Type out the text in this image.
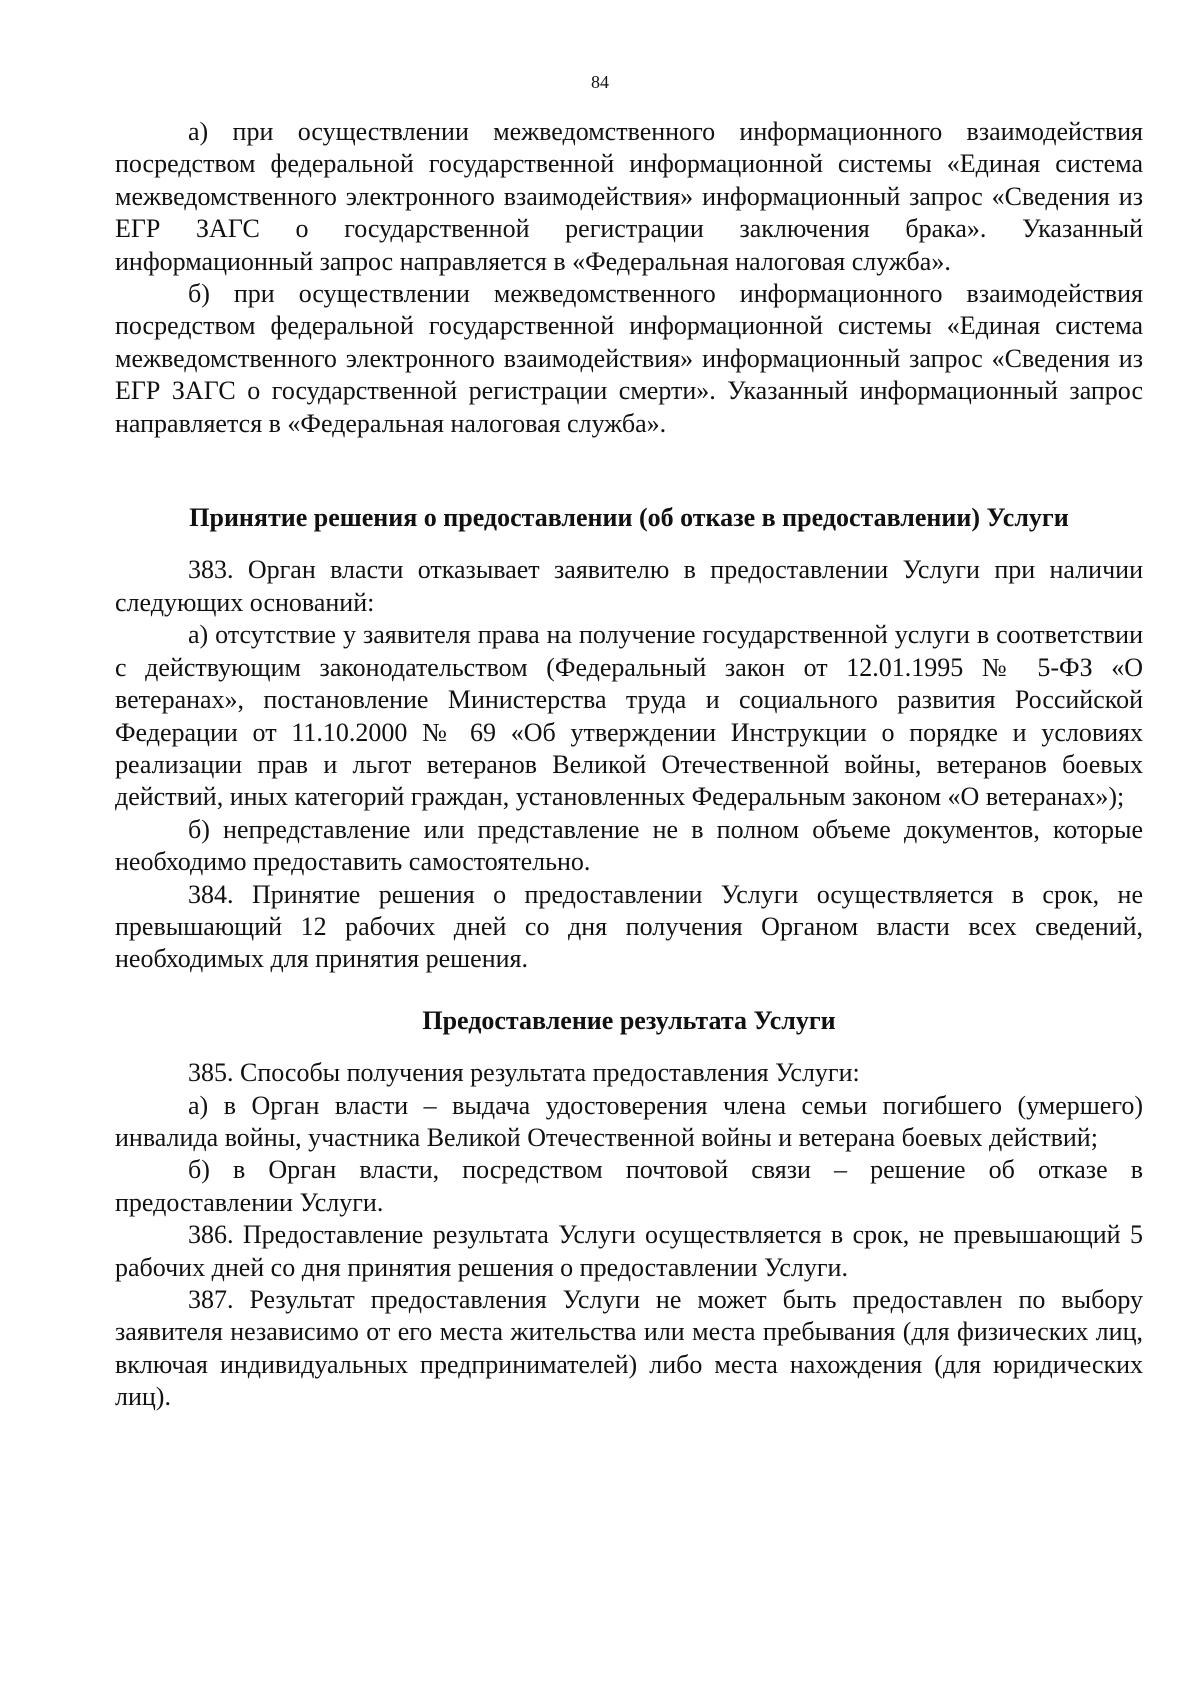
84

а) при осуществлении межведомственного информационного взаимодействия посредством федеральной государственной информационной системы «Единая система межведомственного электронного взаимодействия» информационный запрос «Сведения из ЕГР ЗАГС о государственной регистрации заключения брака». Указанный информационный запрос направляется в «Федеральная налоговая служба».

б) при осуществлении межведомственного информационного взаимодействия посредством федеральной государственной информационной системы «Единая система межведомственного электронного взаимодействия» информационный запрос «Сведения из ЕГР ЗАГС о государственной регистрации смерти». Указанный информационный запрос направляется в «Федеральная налоговая служба».

Принятие решения о предоставлении (об отказе в предоставлении) Услуги

383. Орган власти отказывает заявителю в предоставлении Услуги при наличии следующих оснований:

а) отсутствие у заявителя права на получение государственной услуги в соответствии с действующим законодательством (Федеральный закон от 12.01.1995 № 5-ФЗ «О ветеранах», постановление Министерства труда и социального развития Российской Федерации от 11.10.2000 № 69 «Об утверждении Инструкции о порядке и условиях реализации прав и льгот ветеранов Великой Отечественной войны, ветеранов боевых действий, иных категорий граждан, установленных Федеральным законом «О ветеранах»);

б) непредставление или представление не в полном объеме документов, которые необходимо предоставить самостоятельно.

384. Принятие решения о предоставлении Услуги осуществляется в срок, не превышающий 12 рабочих дней со дня получения Органом власти всех сведений, необходимых для принятия решения.

Предоставление результата Услуги

385. Способы получения результата предоставления Услуги:

а) в Орган власти – выдача удостоверения члена семьи погибшего (умершего) инвалида войны, участника Великой Отечественной войны и ветерана боевых действий;

б) в Орган власти, посредством почтовой связи – решение об отказе в предоставлении Услуги.

386. Предоставление результата Услуги осуществляется в срок, не превышающий 5 рабочих дней со дня принятия решения о предоставлении Услуги.

387. Результат предоставления Услуги не может быть предоставлен по выбору заявителя независимо от его места жительства или места пребывания (для физических лиц, включая индивидуальных предпринимателей) либо места нахождения (для юридических лиц).
